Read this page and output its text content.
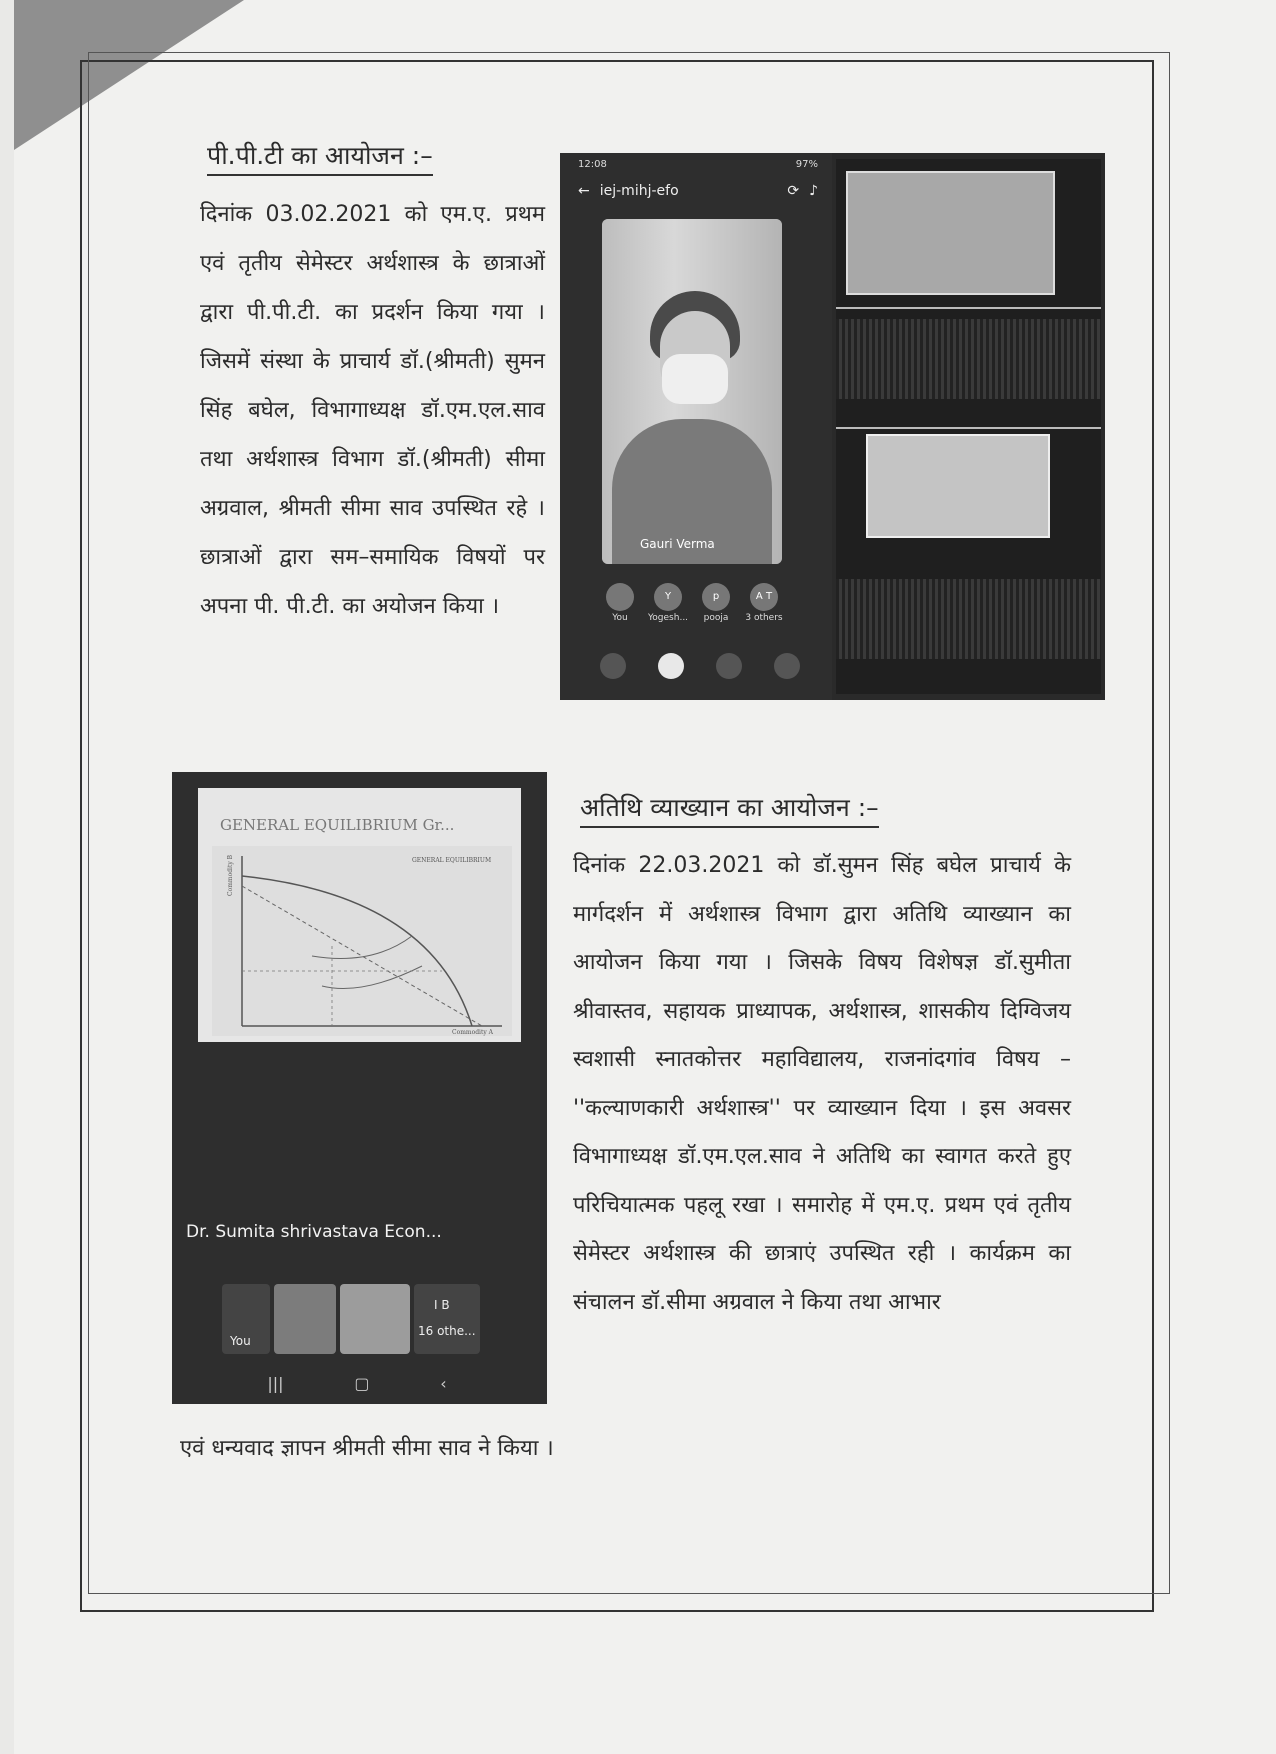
पी.पी.टी का आयोजन :–
दिनांक 03.02.2021 को एम.ए. प्रथम एवं तृतीय सेमेस्टर अर्थशास्त्र के छात्राओं द्वारा पी.पी.टी. का प्रदर्शन किया गया । जिसमें संस्था के प्राचार्य डॉ.(श्रीमती) सुमन सिंह बघेल, विभागाध्यक्ष डॉ.एम.एल.साव तथा अर्थशास्त्र विभाग डॉ.(श्रीमती) सीमा अग्रवाल, श्रीमती सीमा साव उपस्थित रहे । छात्राओं द्वारा सम–समायिक विषयों पर अपना पी. पी.टी. का अयोजन किया ।
12:08	97%
← iej-mihj-efo	⟳ ♪
Gauri Verma
You
Y
Yogesh...
p
pooja
A T
3 others
GENERAL EQUILIBRIUM Gr...
GENERAL EQUILIBRIUM
Commodity B
Commodity A
Dr. Sumita shrivastava Econ...
You
I B
16 othe...
|||	▢	‹
अतिथि व्याख्यान का आयोजन :–
दिनांक 22.03.2021 को डॉ.सुमन सिंह बघेल प्राचार्य के मार्गदर्शन में अर्थशास्त्र विभाग द्वारा अतिथि व्याख्यान का आयोजन किया गया । जिसके विषय विशेषज्ञ डॉ.सुमीता श्रीवास्तव, सहायक प्राध्यापक, अर्थशास्त्र, शासकीय दिग्विजय स्वशासी स्नातकोत्तर महाविद्यालय, राजनांदगांव विषय – ''कल्याणकारी अर्थशास्त्र'' पर व्याख्यान दिया । इस अवसर विभागाध्यक्ष डॉ.एम.एल.साव ने अतिथि का स्वागत करते हुए परिचियात्मक पहलू रखा । समारोह में एम.ए. प्रथम एवं तृतीय सेमेस्टर अर्थशास्त्र की छात्राएं उपस्थित रही । कार्यक्रम का संचालन डॉ.सीमा अग्रवाल ने किया तथा आभार
एवं धन्यवाद ज्ञापन श्रीमती सीमा साव ने किया ।
